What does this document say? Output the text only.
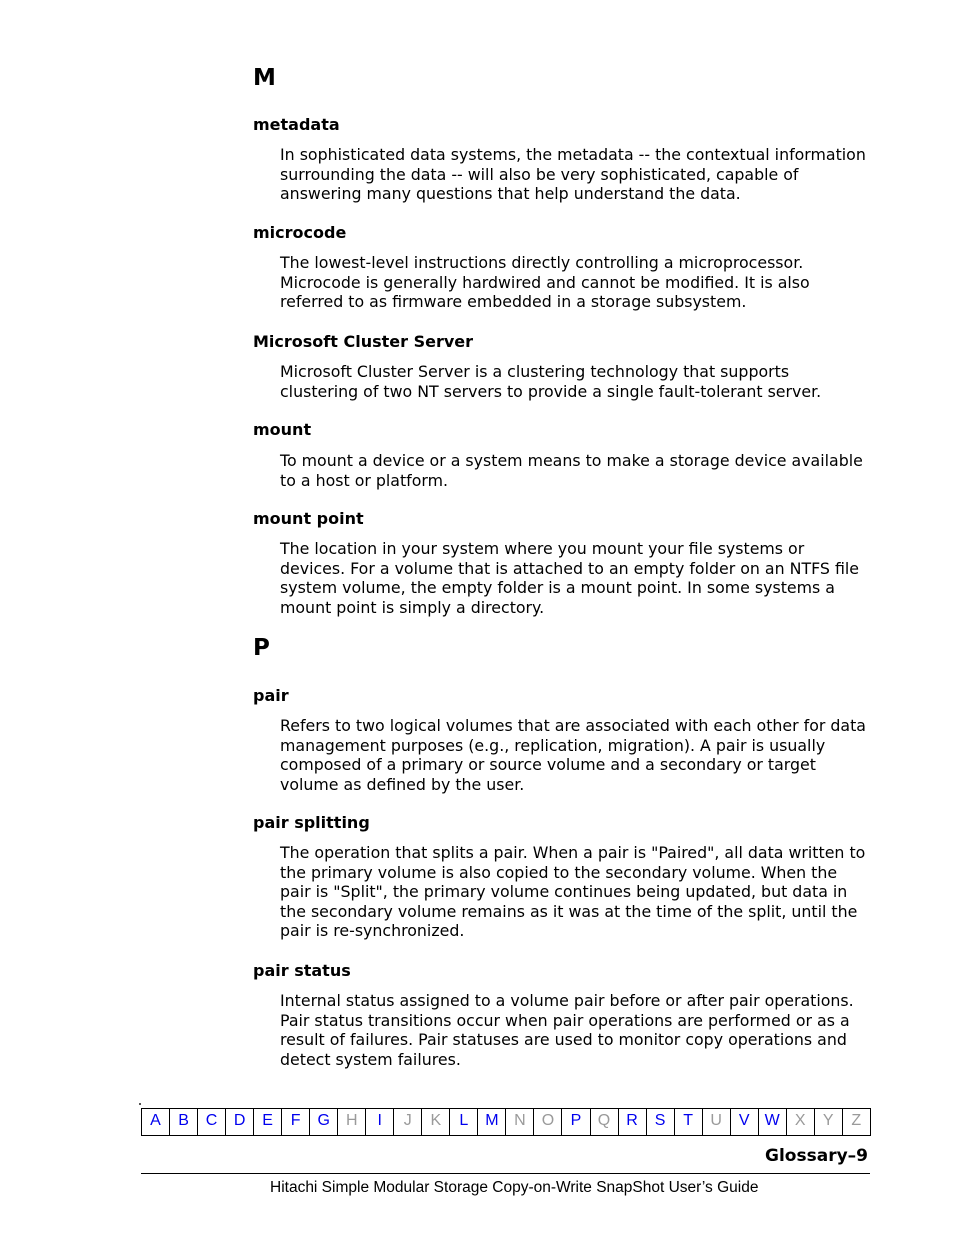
M
metadata

In sophisticated data systems, the metadata -- the contextual information surrounding the data -- will also be very sophisticated, capable of answering many questions that help understand the data.

microcode

The lowest-level instructions directly controlling a microprocessor. Microcode is generally hardwired and cannot be modified. It is also referred to as firmware embedded in a storage subsystem.

Microsoft Cluster Server

Microsoft Cluster Server is a clustering technology that supports clustering of two NT servers to provide a single fault-tolerant server.

mount

To mount a device or a system means to make a storage device available to a host or platform.

mount point

The location in your system where you mount your file systems or devices. For a volume that is attached to an empty folder on an NTFS file system volume, the empty folder is a mount point. In some systems a mount point is simply a directory.

P
pair

Refers to two logical volumes that are associated with each other for data management purposes (e.g., replication, migration). A pair is usually composed of a primary or source volume and a secondary or target volume as defined by the user.

pair splitting

The operation that splits a pair. When a pair is "Paired", all data written to the primary volume is also copied to the secondary volume. When the pair is "Split", the primary volume continues being updated, but data in the secondary volume remains as it was at the time of the split, until the pair is re-synchronized.

pair status

Internal status assigned to a volume pair before or after pair operations. Pair status transitions occur when pair operations are performed or as a result of failures. Pair statuses are used to monitor copy operations and detect system failures.

A	B	C	D	E	F	G	H	I	J	K	L	M N	O	P	Q	R	S	T	U	V W X	Y	Z
Glossary–9
Hitachi Simple Modular Storage Copy-on-Write SnapShot User’s Guide
